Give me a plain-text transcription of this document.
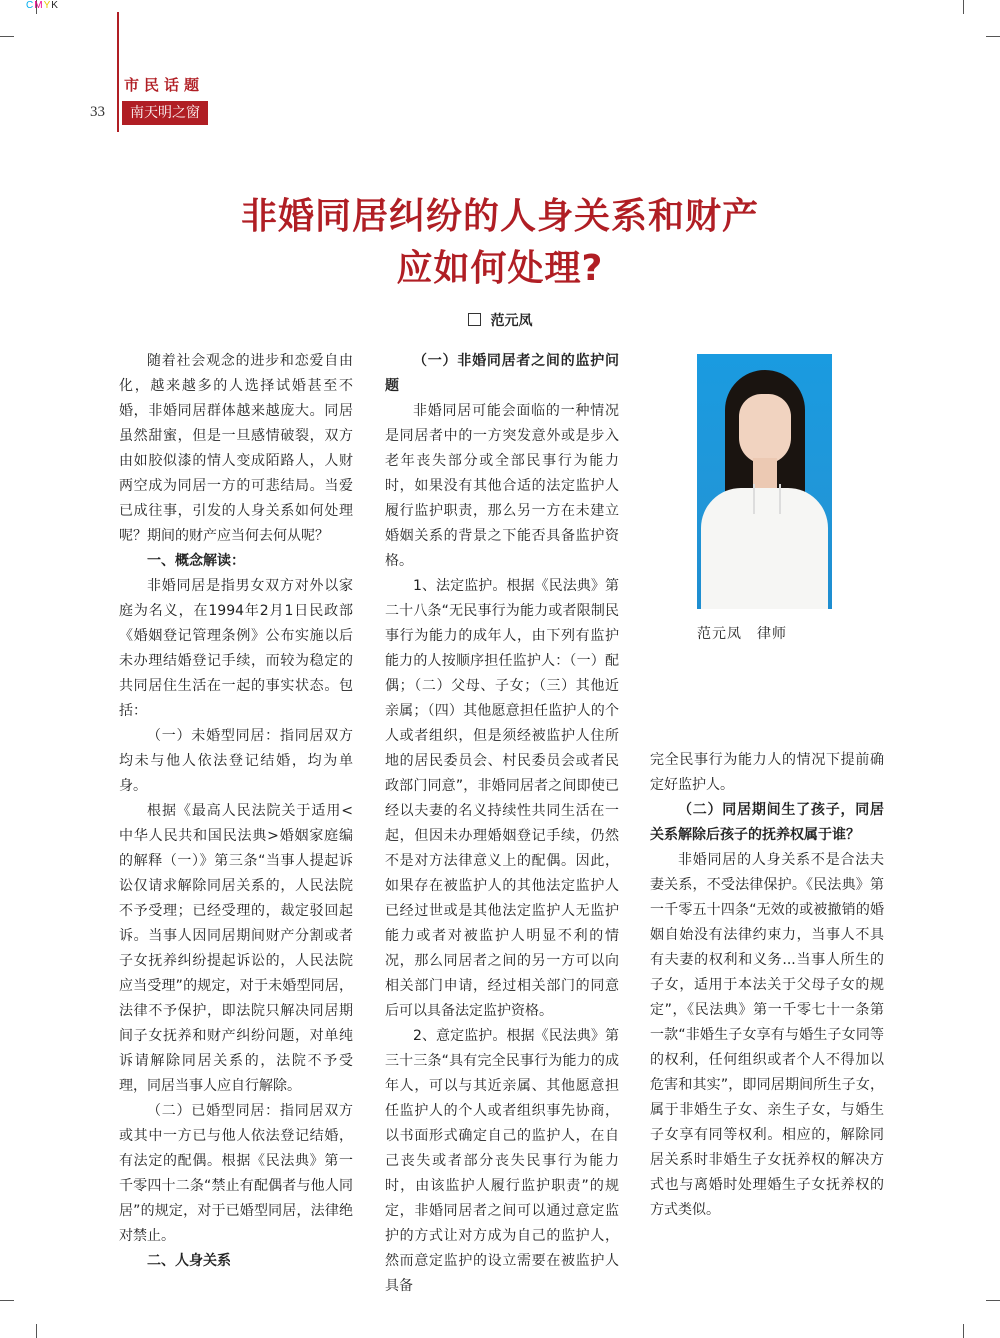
CMYK
市民话题
33	南天明之窗
非婚同居纠纷的人身关系和财产
应如何处理?
范元凤

随着社会观念的进步和恋爱自由化，越来越多的人选择试婚甚至不婚，非婚同居群体越来越庞大。同居虽然甜蜜，但是一旦感情破裂，双方由如胶似漆的情人变成陌路人，人财两空成为同居一方的可悲结局。当爱已成往事，引发的人身关系如何处理呢？期间的财产应当何去何从呢？

一、概念解读：

非婚同居是指男女双方对外以家庭为名义，在1994年2月1日民政部《婚姻登记管理条例》公布实施以后未办理结婚登记手续，而较为稳定的共同居住生活在一起的事实状态。包括：

（一）未婚型同居：指同居双方均未与他人依法登记结婚，均为单身。

根据《最高人民法院关于适用<中华人民共和国民法典>婚姻家庭编的解释（一）》第三条“当事人提起诉讼仅请求解除同居关系的，人民法院不予受理；已经受理的，裁定驳回起诉。当事人因同居期间财产分割或者子女抚养纠纷提起诉讼的，人民法院应当受理”的规定，对于未婚型同居，法律不予保护，即法院只解决同居期间子女抚养和财产纠纷问题，对单纯诉请解除同居关系的，法院不予受理，同居当事人应自行解除。

（二）已婚型同居：指同居双方或其中一方已与他人依法登记结婚，有法定的配偶。根据《民法典》第一千零四十二条“禁止有配偶者与他人同居”的规定，对于已婚型同居，法律绝对禁止。

二、人身关系

（一）非婚同居者之间的监护问题

非婚同居可能会面临的一种情况是同居者中的一方突发意外或是步入老年丧失部分或全部民事行为能力时，如果没有其他合适的法定监护人履行监护职责，那么另一方在未建立婚姻关系的背景之下能否具备监护资格。

1、法定监护。根据《民法典》第二十八条“无民事行为能力或者限制民事行为能力的成年人，由下列有监护能力的人按顺序担任监护人：（一）配偶；（二）父母、子女；（三）其他近亲属；（四）其他愿意担任监护人的个人或者组织，但是须经被监护人住所地的居民委员会、村民委员会或者民政部门同意”，非婚同居者之间即使已经以夫妻的名义持续性共同生活在一起，但因未办理婚姻登记手续，仍然不是对方法律意义上的配偶。因此，如果存在被监护人的其他法定监护人已经过世或是其他法定监护人无监护能力或者对被监护人明显不利的情况，那么同居者之间的另一方可以向相关部门申请，经过相关部门的同意后可以具备法定监护资格。

2、意定监护。根据《民法典》第三十三条“具有完全民事行为能力的成年人，可以与其近亲属、其他愿意担任监护人的个人或者组织事先协商，以书面形式确定自己的监护人，在自己丧失或者部分丧失民事行为能力时，由该监护人履行监护职责”的规定，非婚同居者之间可以通过意定监护的方式让对方成为自己的监护人，然而意定监护的设立需要在被监护人具备

范元凤　律师

完全民事行为能力人的情况下提前确定好监护人。

（二）同居期间生了孩子，同居关系解除后孩子的抚养权属于谁？

非婚同居的人身关系不是合法夫妻关系，不受法律保护。《民法典》第一千零五十四条“无效的或被撤销的婚姻自始没有法律约束力，当事人不具有夫妻的权利和义务...当事人所生的子女，适用于本法关于父母子女的规定”，《民法典》第一千零七十一条第一款“非婚生子女享有与婚生子女同等的权利，任何组织或者个人不得加以危害和其实”，即同居期间所生子女，属于非婚生子女、亲生子女，与婚生子女享有同等权利。相应的，解除同居关系时非婚生子女抚养权的解决方式也与离婚时处理婚生子女抚养权的方式类似。
